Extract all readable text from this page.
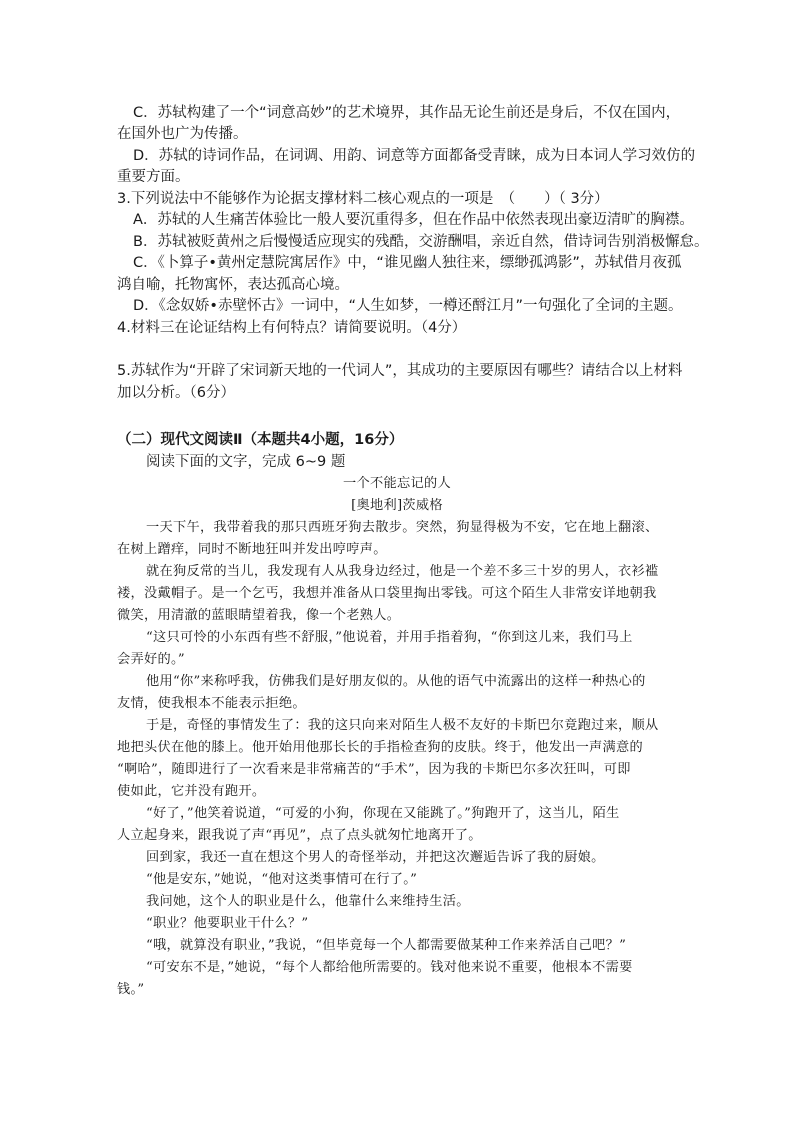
C．苏轼构建了一个“词意高妙”的艺术境界，其作品无论生前还是身后，不仅在国内，
在国外也广为传播。
D．苏轼的诗词作品，在词调、用韵、词意等方面都备受青睐，成为日本词人学习效仿的
重要方面。
3.下列说法中不能够作为论据支撑材料二核心观点的一项是　（　　）（ 3分）
A．苏轼的人生痛苦体验比一般人要沉重得多，但在作品中依然表现出豪迈清旷的胸襟。
B．苏轼被贬黄州之后慢慢适应现实的残酷，交游酬唱，亲近自然，借诗词告别消极懈怠。
C．《卜算子•黄州定慧院寓居作》中，“谁见幽人独往来，缥缈孤鸿影”，苏轼借月夜孤
鸿自喻，托物寓怀，表达孤高心境。
D．《念奴娇•赤壁怀古》一词中，“人生如梦，一樽还酹江月”一句强化了全词的主题。
4.材料三在论证结构上有何特点？请简要说明。（4分）
5.苏轼作为“开辟了宋词新天地的一代词人”，其成功的主要原因有哪些？请结合以上材料
加以分析。（6分）
（二）现代文阅读Ⅱ（本题共4小题，16分）
阅读下面的文字，完成 6~9 题
一个不能忘记的人
[奥地利]茨威格
一天下午，我带着我的那只西班牙狗去散步。突然，狗显得极为不安，它在地上翻滚、
在树上蹭痒，同时不断地狂叫并发出哼哼声。
就在狗反常的当儿，我发现有人从我身边经过，他是一个差不多三十岁的男人，衣衫褴
褛，没戴帽子。是一个乞丐，我想并准备从口袋里掏出零钱。可这个陌生人非常安详地朝我
微笑，用清澈的蓝眼睛望着我，像一个老熟人。
“这只可怜的小东西有些不舒服，”他说着，并用手指着狗，“你到这儿来，我们马上
会弄好的。”
他用“你”来称呼我，仿佛我们是好朋友似的。从他的语气中流露出的这样一种热心的
友情，使我根本不能表示拒绝。
于是，奇怪的事情发生了：我的这只向来对陌生人极不友好的卡斯巴尔竟跑过来，顺从
地把头伏在他的膝上。他开始用他那长长的手指检查狗的皮肤。终于，他发出一声满意的
“啊哈”，随即进行了一次看来是非常痛苦的“手术”，因为我的卡斯巴尔多次狂叫，可即
使如此，它并没有跑开。
“好了，”他笑着说道，“可爱的小狗，你现在又能跳了。”狗跑开了，这当儿，陌生
人立起身来，跟我说了声“再见”，点了点头就匆忙地离开了。
回到家，我还一直在想这个男人的奇怪举动，并把这次邂逅告诉了我的厨娘。
“他是安东，”她说，“他对这类事情可在行了。”
我问她，这个人的职业是什么，他靠什么来维持生活。
“职业？他要职业干什么？”
“哦，就算没有职业，”我说，“但毕竟每一个人都需要做某种工作来养活自己吧？”
“可安东不是，”她说，“每个人都给他所需要的。钱对他来说不重要，他根本不需要
钱。”
